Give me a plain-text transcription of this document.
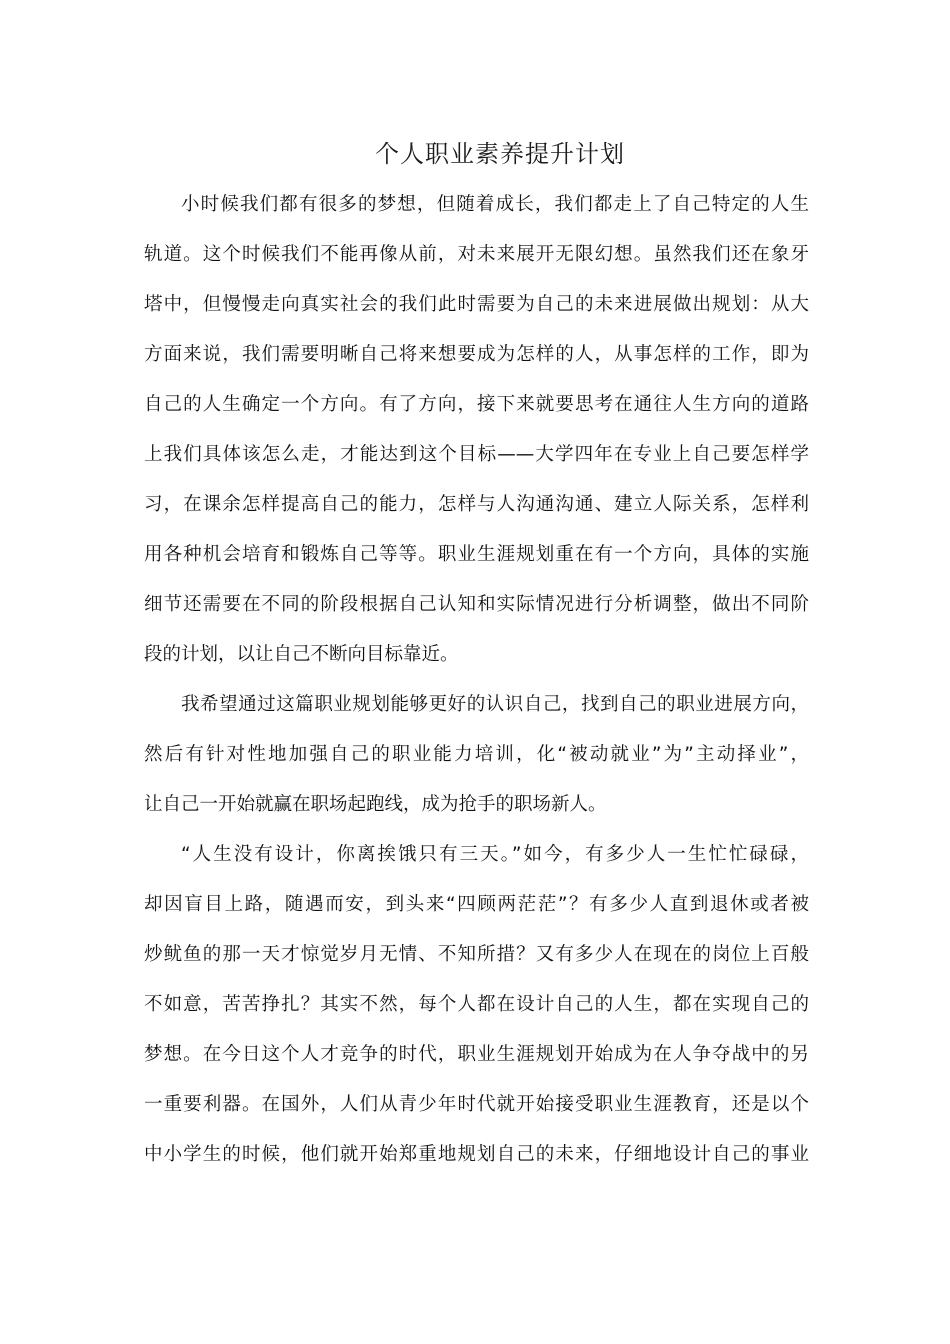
个人职业素养提升计划
小时候我们都有很多的梦想，但随着成长，我们都走上了自己特定的人生
轨道。这个时候我们不能再像从前，对未来展开无限幻想。虽然我们还在象牙
塔中，但慢慢走向真实社会的我们此时需要为自己的未来进展做出规划：从大
方面来说，我们需要明晰自己将来想要成为怎样的人，从事怎样的工作，即为
自己的人生确定一个方向。有了方向，接下来就要思考在通往人生方向的道路
上我们具体该怎么走，才能达到这个目标——大学四年在专业上自己要怎样学
习，在课余怎样提高自己的能力，怎样与人沟通沟通、建立人际关系，怎样利
用各种机会培育和锻炼自己等等。职业生涯规划重在有一个方向，具体的实施
细节还需要在不同的阶段根据自己认知和实际情况进行分析调整，做出不同阶
段的计划，以让自己不断向目标靠近。
我希望通过这篇职业规划能够更好的认识自己，找到自己的职业进展方向，
然后有针对性地加强自己的职业能力培训，化“被动就业”为”主动择业”，
让自己一开始就赢在职场起跑线，成为抢手的职场新人。
“人生没有设计，你离挨饿只有三天。”如今，有多少人一生忙忙碌碌，
却因盲目上路，随遇而安，到头来“四顾两茫茫”？有多少人直到退休或者被
炒鱿鱼的那一天才惊觉岁月无情、不知所措？又有多少人在现在的岗位上百般
不如意，苦苦挣扎？其实不然，每个人都在设计自己的人生，都在实现自己的
梦想。在今日这个人才竞争的时代，职业生涯规划开始成为在人争夺战中的另
一重要利器。在国外，人们从青少年时代就开始接受职业生涯教育，还是以个
中小学生的时候，他们就开始郑重地规划自己的未来，仔细地设计自己的事业
